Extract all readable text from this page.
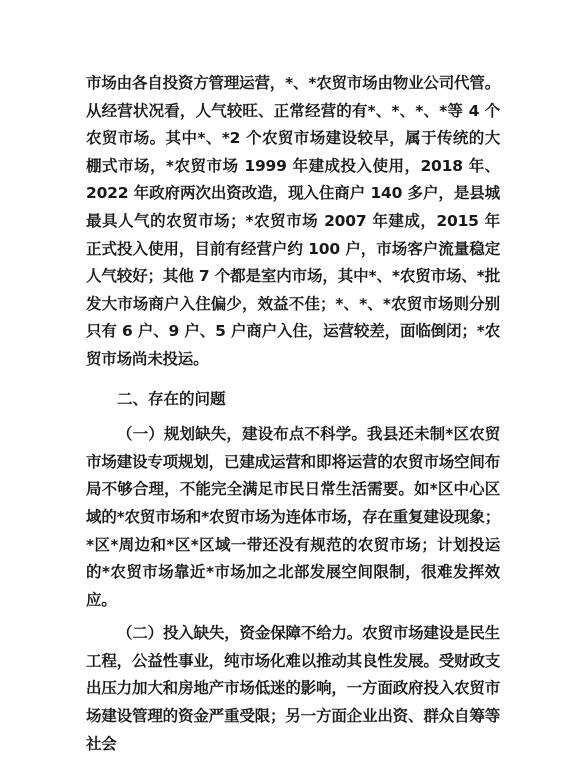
市场由各自投资方管理运营，*、*农贸市场由物业公司代管。从经营状况看，人气较旺、正常经营的有*、*、*、*等 4 个农贸市场。其中*、*2 个农贸市场建设较早，属于传统的大棚式市场，*农贸市场 1999 年建成投入使用，2018 年、2022 年政府两次出资改造，现入住商户 140 多户，是县城最具人气的农贸市场；*农贸市场 2007 年建成，2015 年正式投入使用，目前有经营户约 100 户，市场客户流量稳定人气较好；其他 7 个都是室内市场，其中*、*农贸市场、*批发大市场商户入住偏少，效益不佳；*、*、*农贸市场则分别只有 6 户、9 户、5 户商户入住，运营较差，面临倒闭；*农贸市场尚未投运。

二、存在的问题

（一）规划缺失，建设布点不科学。我县还未制*区农贸市场建设专项规划，已建成运营和即将运营的农贸市场空间布局不够合理，不能完全满足市民日常生活需要。如*区中心区域的*农贸市场和*农贸市场为连体市场，存在重复建设现象；*区*周边和*区*区域一带还没有规范的农贸市场；计划投运的*农贸市场靠近*市场加之北部发展空间限制，很难发挥效应。

（二）投入缺失，资金保障不给力。农贸市场建设是民生工程，公益性事业，纯市场化难以推动其良性发展。受财政支出压力加大和房地产市场低迷的影响，一方面政府投入农贸市场建设管理的资金严重受限；另一方面企业出资、群众自筹等社会
